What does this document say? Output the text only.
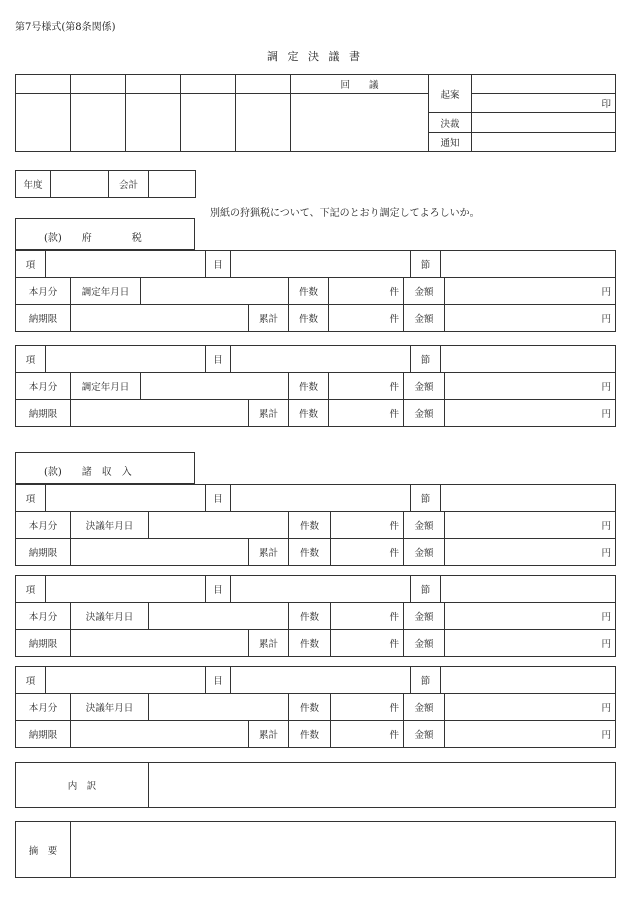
第7号様式(第8条関係)
調 定 決 議 書
					回　　議	起案	
							印
						決裁	
						通知	
年度		会計	
別紙の狩猟税について、下記のとおり調定してよろしいか。
(款)　　府　　　　税
項		目		節	
本月分	調定年月日			件数	件	金額	円
納期限			累計	件数	件	金額	円
項		目		節	
本月分	調定年月日			件数	件	金額	円
納期限			累計	件数	件	金額	円
(款)　　諸　収　入
項		目		節	
本月分	決議年月日			件数	件	金額	円
納期限			累計	件数	件	金額	円
項		目		節	
本月分	決議年月日			件数	件	金額	円
納期限			累計	件数	件	金額	円
項		目		節	
本月分	決議年月日			件数	件	金額	円
納期限			累計	件数	件	金額	円
内　訳	
摘　要	
